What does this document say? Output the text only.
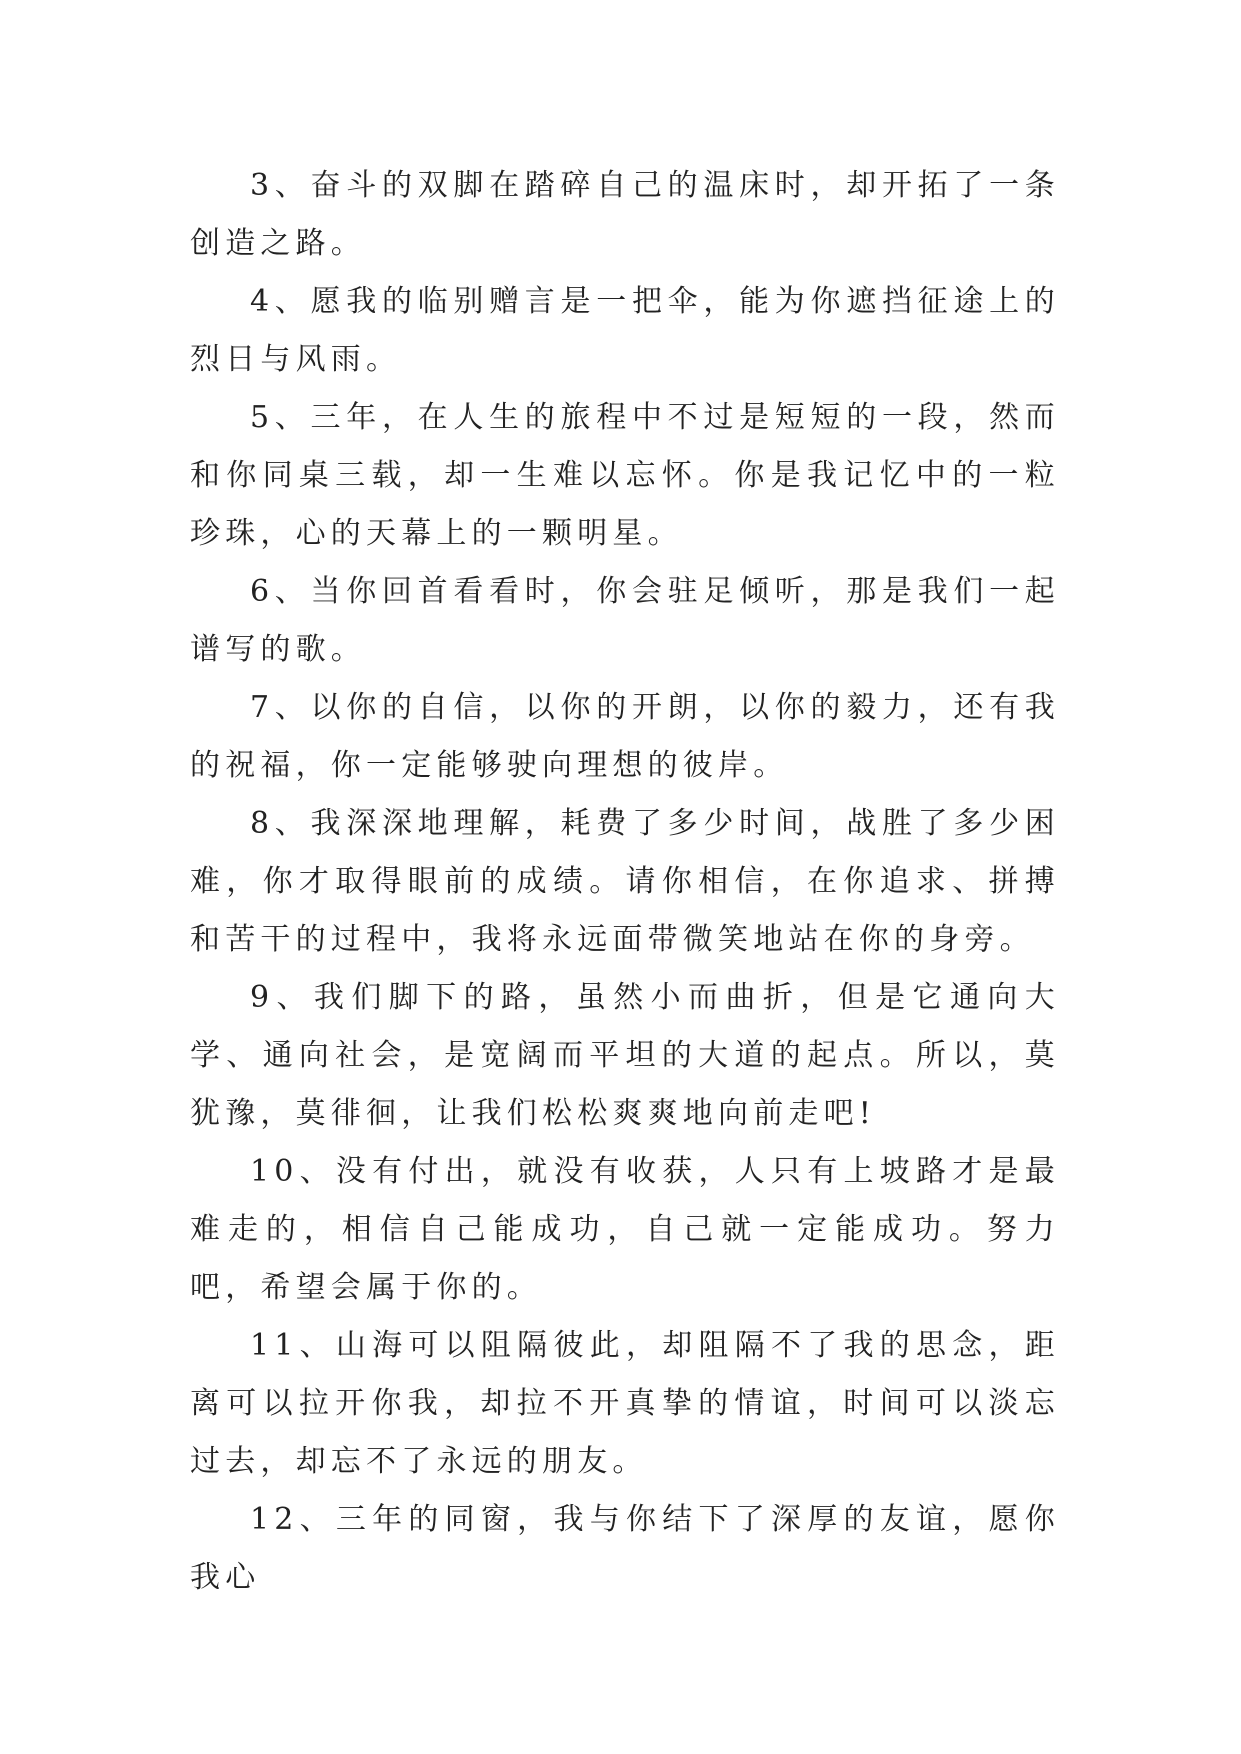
3、奋斗的双脚在踏碎自己的温床时，却开拓了一条创造之路。

4、愿我的临别赠言是一把伞，能为你遮挡征途上的烈日与风雨。

5、三年，在人生的旅程中不过是短短的一段，然而和你同桌三载，却一生难以忘怀。你是我记忆中的一粒珍珠，心的天幕上的一颗明星。

6、当你回首看看时，你会驻足倾听，那是我们一起谱写的歌。

7、以你的自信，以你的开朗，以你的毅力，还有我的祝福，你一定能够驶向理想的彼岸。

8、我深深地理解，耗费了多少时间，战胜了多少困难，你才取得眼前的成绩。请你相信，在你追求、拼搏和苦干的过程中，我将永远面带微笑地站在你的身旁。

9、我们脚下的路，虽然小而曲折，但是它通向大学、通向社会，是宽阔而平坦的大道的起点。所以，莫犹豫，莫徘徊，让我们松松爽爽地向前走吧!

10、没有付出，就没有收获，人只有上坡路才是最难走的，相信自己能成功，自己就一定能成功。努力吧，希望会属于你的。

11、山海可以阻隔彼此，却阻隔不了我的思念，距离可以拉开你我，却拉不开真挚的情谊，时间可以淡忘过去，却忘不了永远的朋友。

12、三年的同窗，我与你结下了深厚的友谊，愿你我心
